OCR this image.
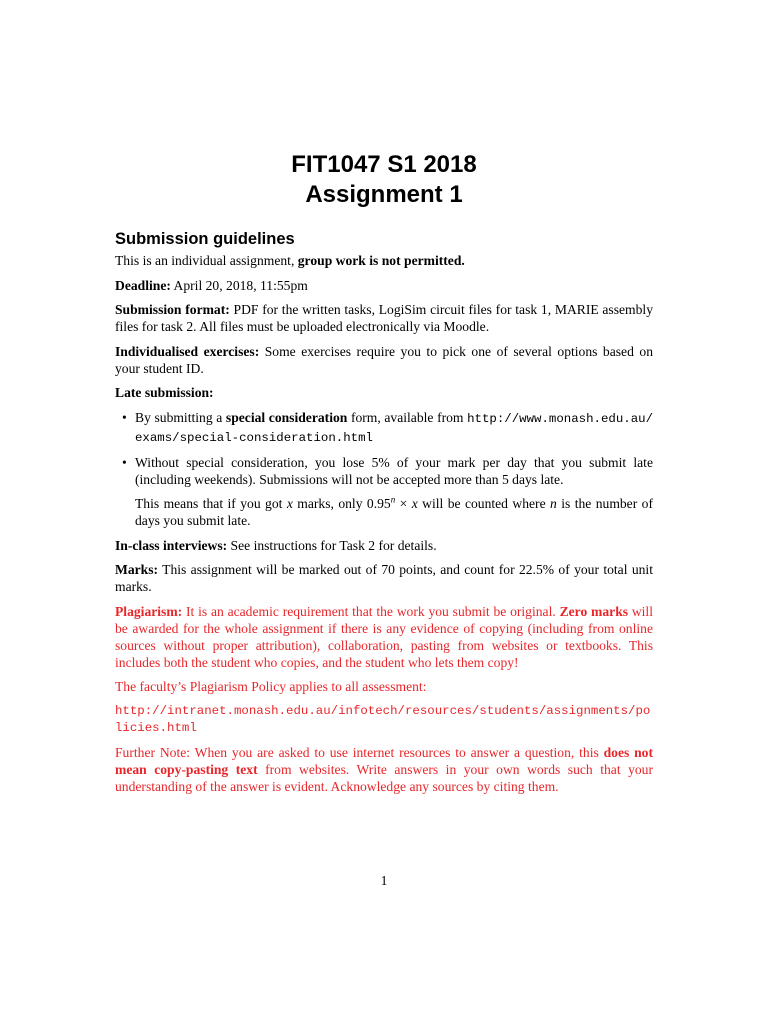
FIT1047 S1 2018
Assignment 1
Submission guidelines

This is an individual assignment, group work is not permitted.

Deadline: April 20, 2018, 11:55pm

Submission format: PDF for the written tasks, LogiSim circuit files for task 1, MARIE assembly files for task 2. All files must be uploaded electronically via Moodle.

Individualised exercises: Some exercises require you to pick one of several options based on your student ID.

Late submission:

• By submitting a special consideration form, available from http://www.monash.edu.au/exams/special-consideration.html
• Without special consideration, you lose 5% of your mark per day that you submit late (including weekends). Submissions will not be accepted more than 5 days late.

This means that if you got x marks, only $0.95^n \times x$ will be counted where n is the number of days you submit late.

In-class interviews: See instructions for Task 2 for details.

Marks: This assignment will be marked out of 70 points, and count for 22.5% of your total unit marks.

Plagiarism: It is an academic requirement that the work you submit be original. Zero marks will be awarded for the whole assignment if there is any evidence of copying (including from online sources without proper attribution), collaboration, pasting from websites or textbooks. This includes both the student who copies, and the student who lets them copy!

The faculty’s Plagiarism Policy applies to all assessment:

http://intranet.monash.edu.au/infotech/resources/students/assignments/policies.html

Further Note: When you are asked to use internet resources to answer a question, this does not mean copy-pasting text from websites. Write answers in your own words such that your understanding of the answer is evident. Acknowledge any sources by citing them.

1
